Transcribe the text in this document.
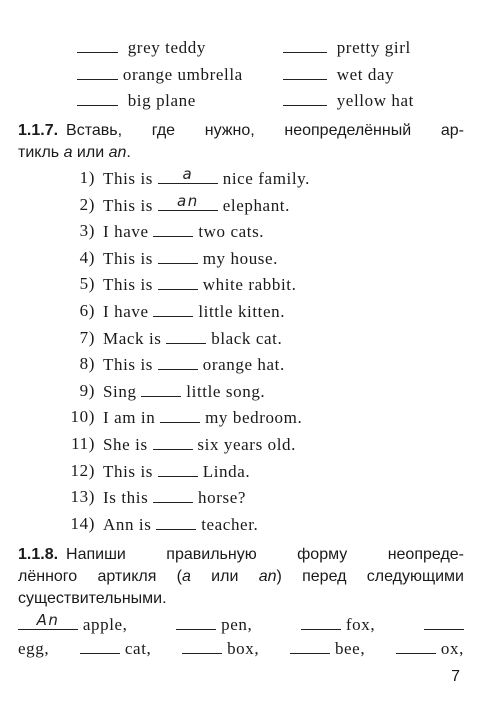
grey teddy	pretty girl
orange umbrella	wet day
big plane	yellow hat
1.1.7. Вставь, где нужно, неопределённый ар-
тикль a или an.
1) This is	a	nice family.
2) This is	an	elephant.
3) I have	two cats.
4) This is	my house.
5) This is	white rabbit.
6) I have	little kitten.
7) Mack is	black cat.
8) This is	orange hat.
9) Sing	little song.
10) I am in	my bedroom.
11) She is	six years old.
12) This is	Linda.
13) Is this	horse?
14) Ann is	teacher.
1.1.8. Напиши правильную форму неопреде-
лённого артикля (a или an) перед следующими
существительными.
An	apple,	pen,	fox,
egg,	cat,	box,	bee,	ox,
7
